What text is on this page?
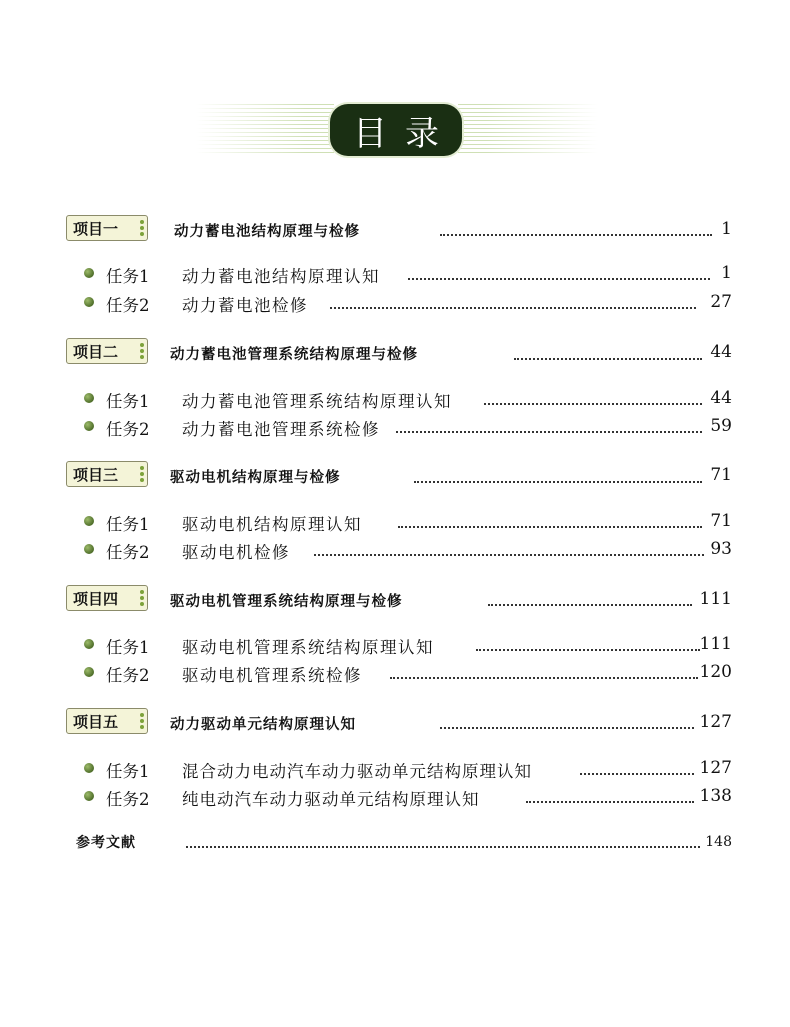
目录
项目一	动力蓄电池结构原理与检修	1
任务1 动力蓄电池结构原理认知	1
任务2 动力蓄电池检修	27
项目二	动力蓄电池管理系统结构原理与检修	44
任务1 动力蓄电池管理系统结构原理认知	44
任务2 动力蓄电池管理系统检修	59
项目三	驱动电机结构原理与检修	71
任务1 驱动电机结构原理认知	71
任务2 驱动电机检修	93
项目四	驱动电机管理系统结构原理与检修	111
任务1 驱动电机管理系统结构原理认知	111
任务2 驱动电机管理系统检修	120
项目五	动力驱动单元结构原理认知	127
任务1 混合动力电动汽车动力驱动单元结构原理认知	127
任务2 纯电动汽车动力驱动单元结构原理认知	138
参考文献	148
